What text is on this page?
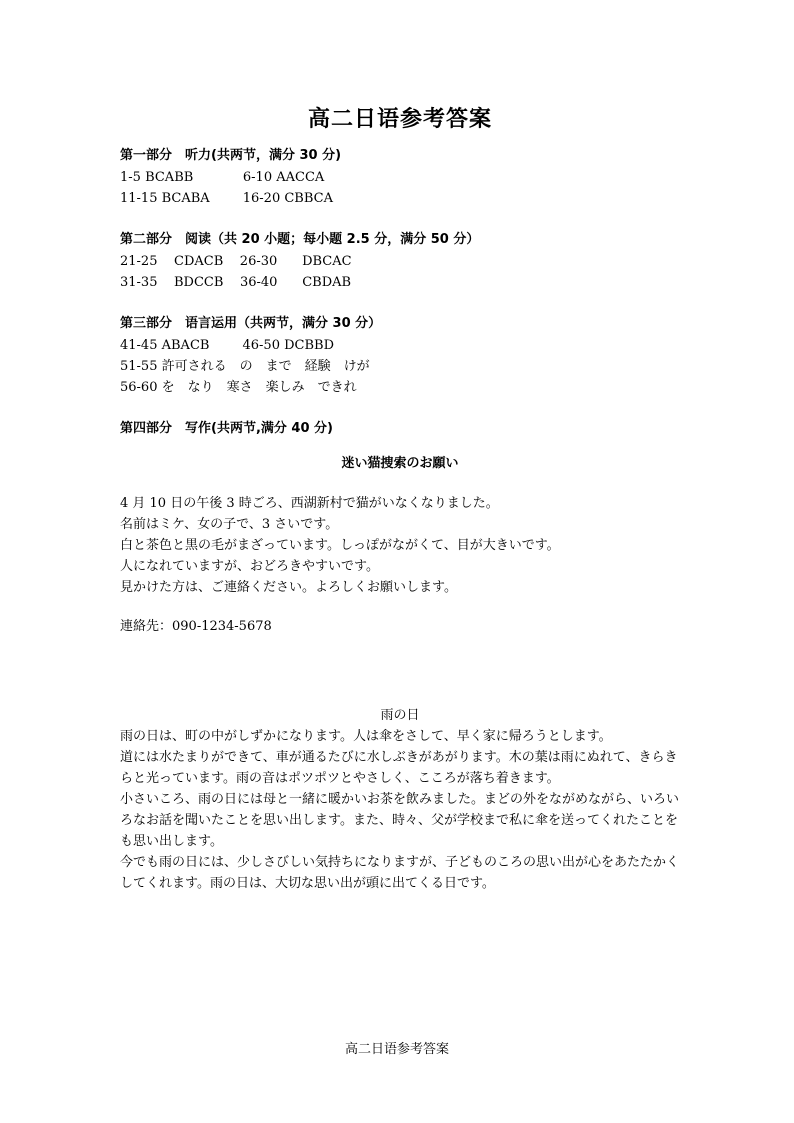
高二日语参考答案

第一部分　听力(共两节，满分 30 分)

1-5 BCABB            6-10 AACCA

11-15 BCABA        16-20 CBBCA

第二部分　阅读（共 20 小题；每小题 2.5 分，满分 50 分）

21-25    CDACB    26-30      DBCAC

31-35    BDCCB    36-40      CBDAB

第三部分　语言运用（共两节，满分 30 分）

41-45 ABACB        46-50 DCBBD

51-55 許可される　の　まで　経験　けが

56-60 を　なり　寒さ　楽しみ　できれ

第四部分　写作(共两节,满分 40 分)

迷い猫捜索のお願い

4 月 10 日の午後 3 時ごろ、西湖新村で猫がいなくなりました。

名前はミケ、女の子で、3 さいです。

白と茶色と黒の毛がまざっています。しっぽがながくて、目が大きいです。

人になれていますが、おどろきやすいです。

見かけた方は、ご連絡ください。よろしくお願いします。

連絡先：090-1234-5678

雨の日

雨の日は、町の中がしずかになります。人は傘をさして、早く家に帰ろうとします。

道には水たまりができて、車が通るたびに水しぶきがあがります。木の葉は雨にぬれて、きらきらと光っています。雨の音はポツポツとやさしく、こころが落ち着きます。

小さいころ、雨の日には母と一緒に暖かいお茶を飲みました。まどの外をながめながら、いろいろなお話を聞いたことを思い出します。また、時々、父が学校まで私に傘を送ってくれたことをも思い出します。

今でも雨の日には、少しさびしい気持ちになりますが、子どものころの思い出が心をあたたかくしてくれます。雨の日は、大切な思い出が頭に出てくる日です。

高二日语参考答案
